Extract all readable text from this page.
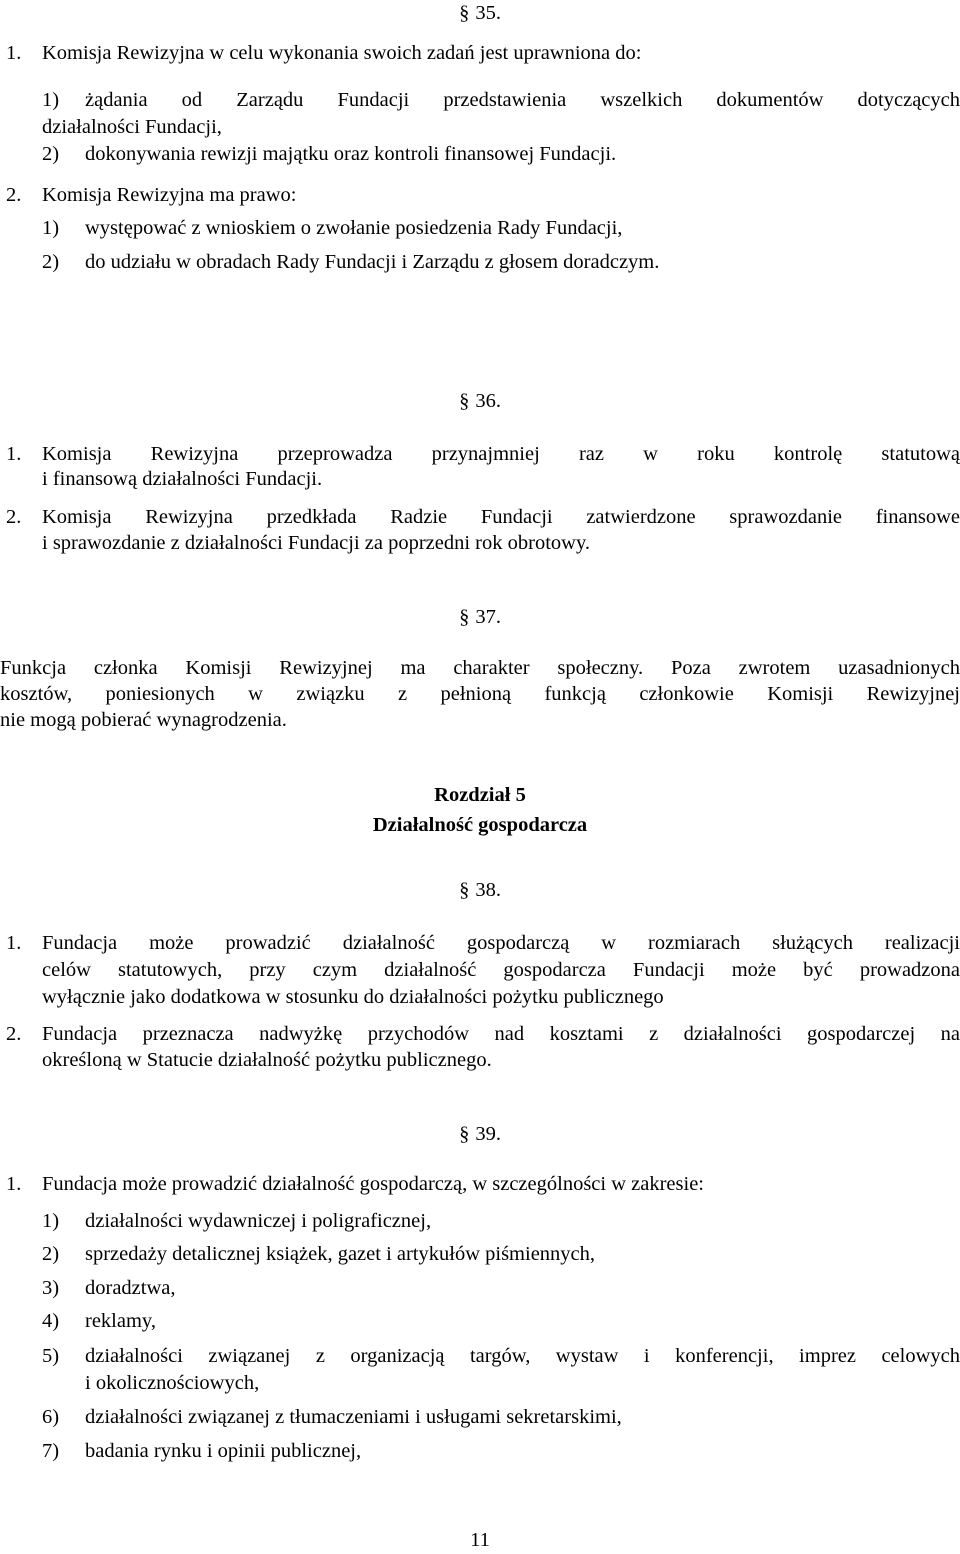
§ 35.
1. Komisja Rewizyjna w celu wykonania swoich zadań jest uprawniona do:
1) żądania od Zarządu Fundacji przedstawienia wszelkich dokumentów dotyczących
działalności Fundacji,
2) dokonywania rewizji majątku oraz kontroli finansowej Fundacji.
2. Komisja Rewizyjna ma prawo:
1) występować z wnioskiem o zwołanie posiedzenia Rady Fundacji,
2) do udziału w obradach Rady Fundacji i Zarządu z głosem doradczym.
§ 36.
1. Komisja Rewizyjna przeprowadza przynajmniej raz w roku kontrolę statutową
i finansową działalności Fundacji.
2. Komisja Rewizyjna przedkłada Radzie Fundacji zatwierdzone sprawozdanie finansowe
i sprawozdanie z działalności Fundacji za poprzedni rok obrotowy.
§ 37.
Funkcja członka Komisji Rewizyjnej ma charakter społeczny. Poza zwrotem uzasadnionych
kosztów, poniesionych w związku z pełnioną funkcją członkowie Komisji Rewizyjnej
nie mogą pobierać wynagrodzenia.
Rozdział 5
Działalność gospodarcza
§ 38.
1. Fundacja może prowadzić działalność gospodarczą w rozmiarach służących realizacji
celów statutowych, przy czym działalność gospodarcza Fundacji może być prowadzona
wyłącznie jako dodatkowa w stosunku do działalności pożytku publicznego
2. Fundacja przeznacza nadwyżkę przychodów nad kosztami z działalności gospodarczej na
określoną w Statucie działalność pożytku publicznego.
§ 39.
1. Fundacja może prowadzić działalność gospodarczą, w szczególności w zakresie:
1) działalności wydawniczej i poligraficznej,
2) sprzedaży detalicznej książek, gazet i artykułów piśmiennych,
3) doradztwa,
4) reklamy,
5) działalności związanej z organizacją targów, wystaw i konferencji, imprez celowych
i okolicznościowych,
6) działalności związanej z tłumaczeniami i usługami sekretarskimi,
7) badania rynku i opinii publicznej,
11
